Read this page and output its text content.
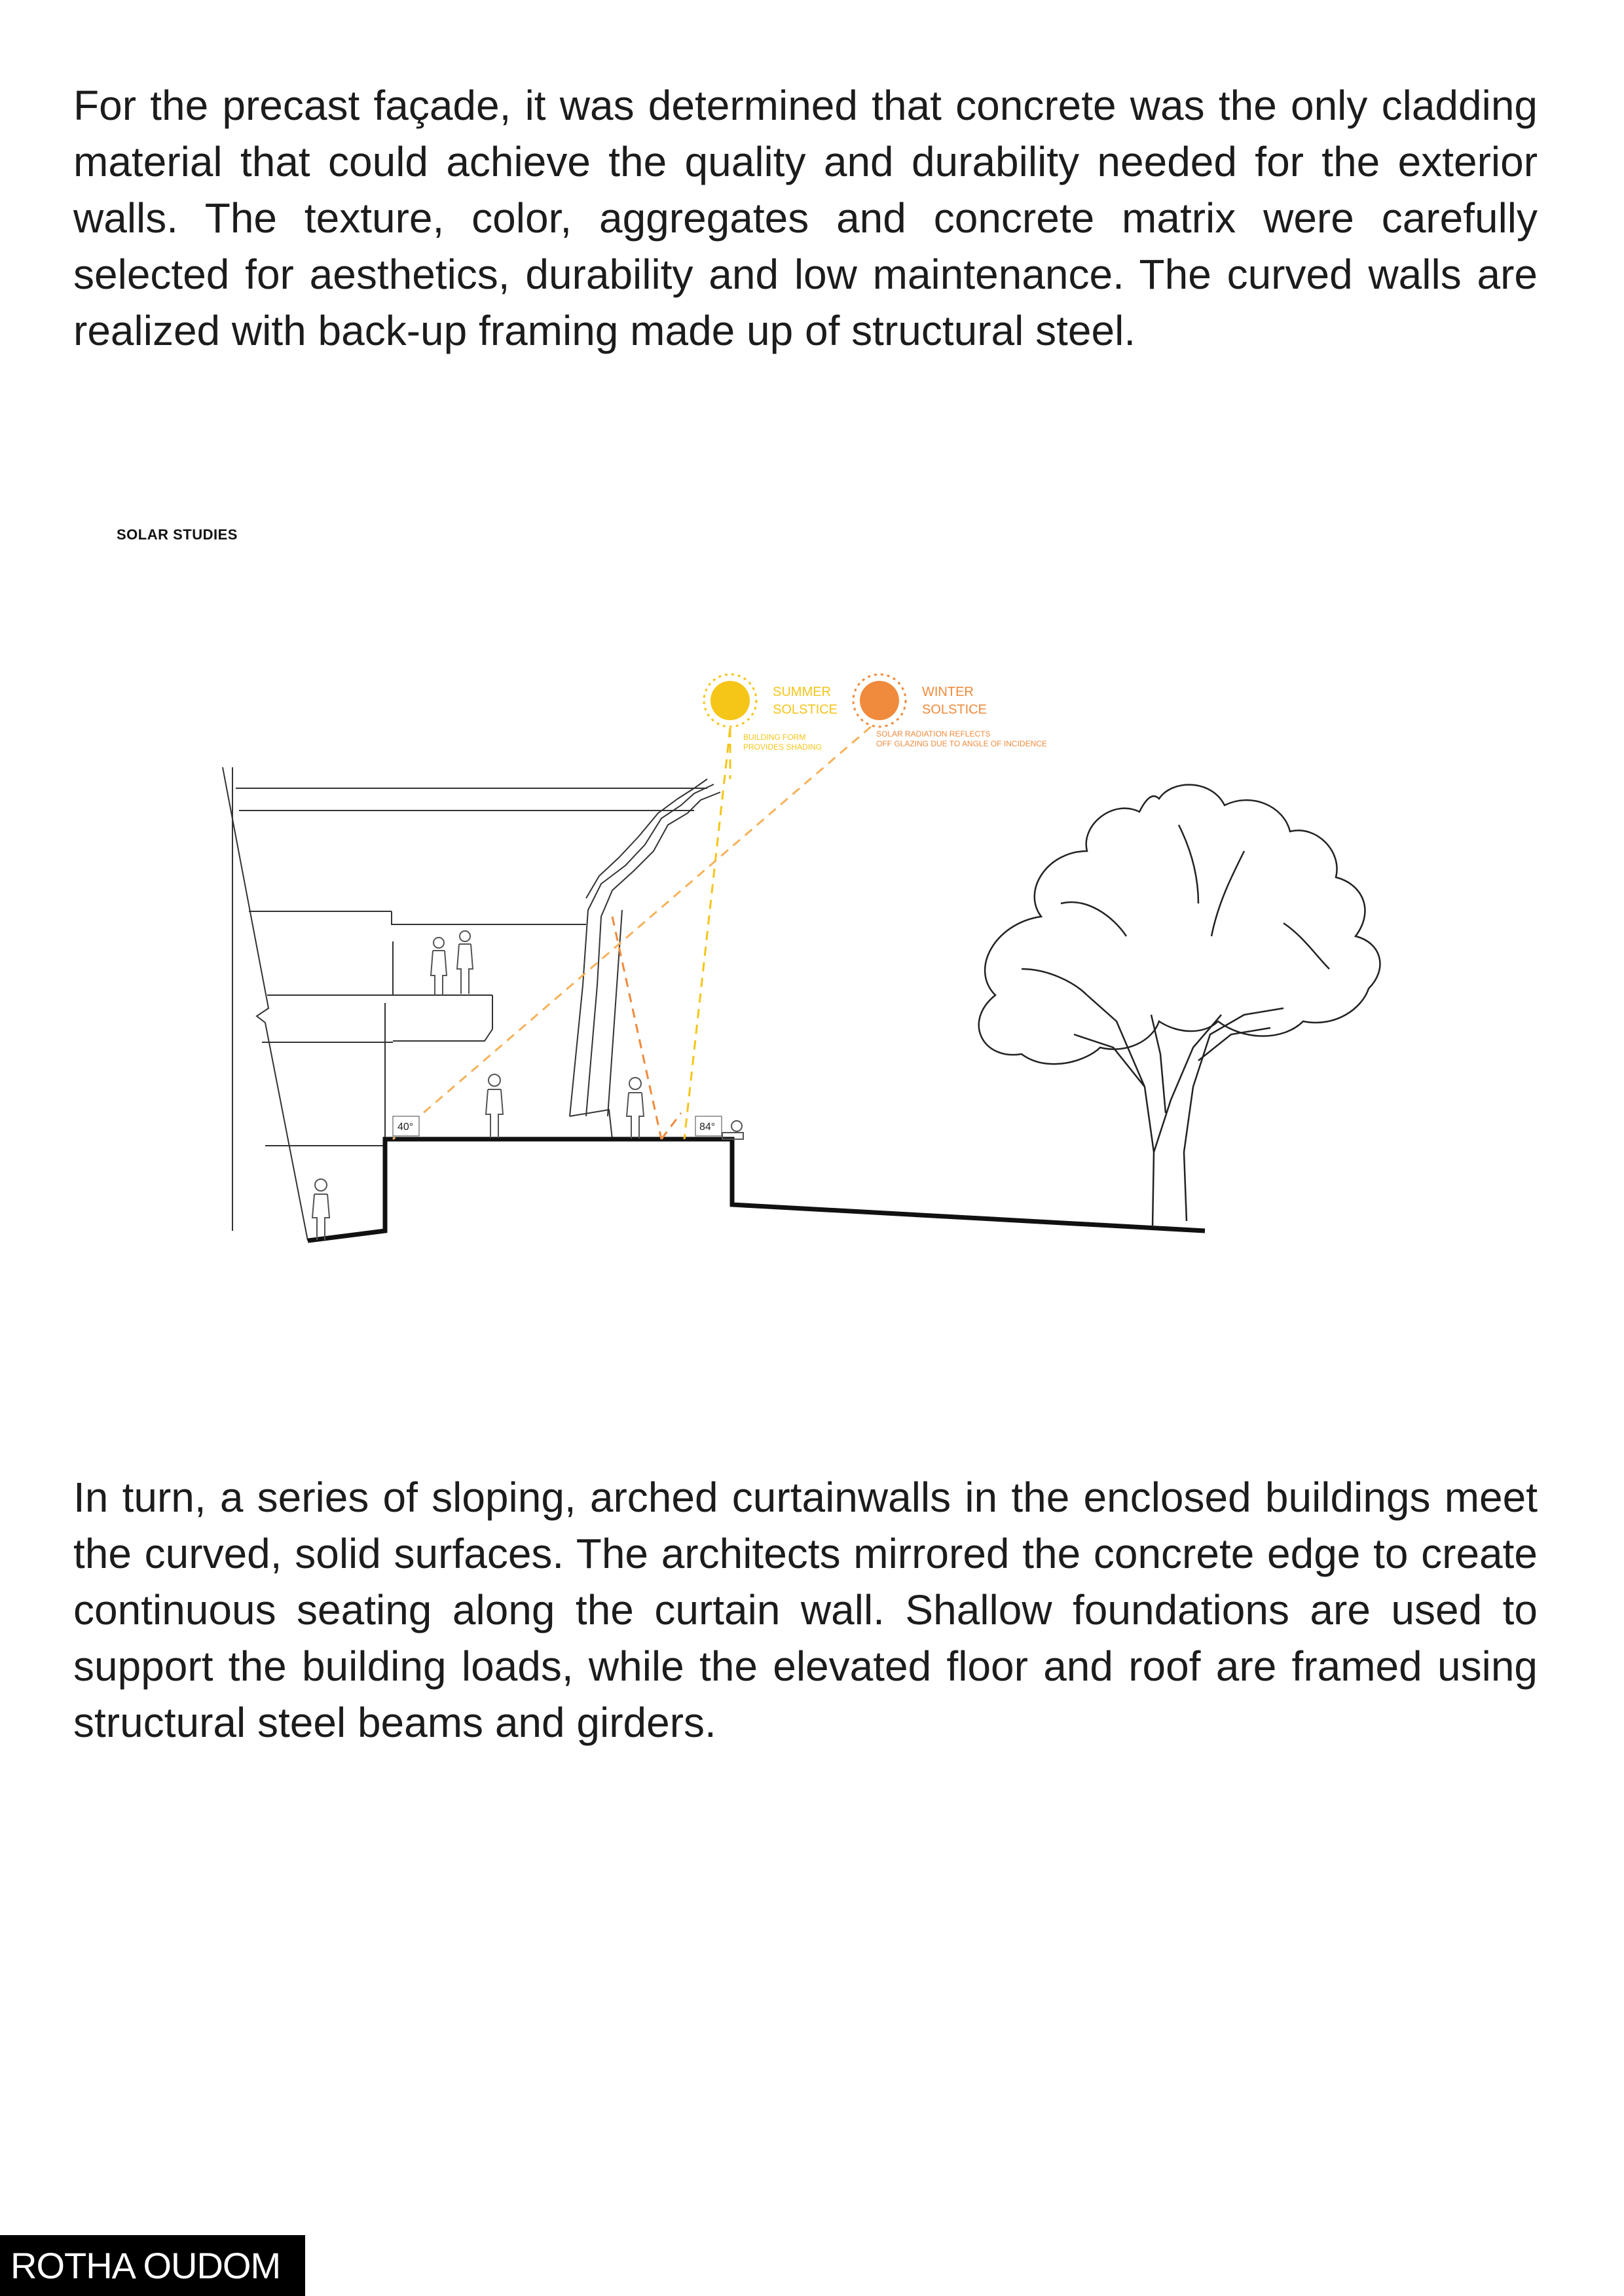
For the precast façade, it was determined that concrete was the only cladding material that could achieve the quality and durability needed for the exterior walls. The texture, color, aggregates and concrete matrix were carefully selected for aesthetics, durability and low maintenance. The curved walls are realized with back-up framing made up of structural steel.

SOLAR STUDIES
SUMMER
SOLSTICE
BUILDING FORM
PROVIDES SHADING
WINTER
SOLSTICE
SOLAR RADIATION REFLECTS
OFF GLAZING DUE TO ANGLE OF INCIDENCE
40°	84°

In turn, a series of sloping, arched curtainwalls in the enclosed buildings meet the curved, solid surfaces. The architects mirrored the concrete edge to create continuous seating along the curtain wall. Shallow foundations are used to support the building loads, while the elevated floor and roof are framed using structural steel beams and girders.

ROTHA OUDOM
